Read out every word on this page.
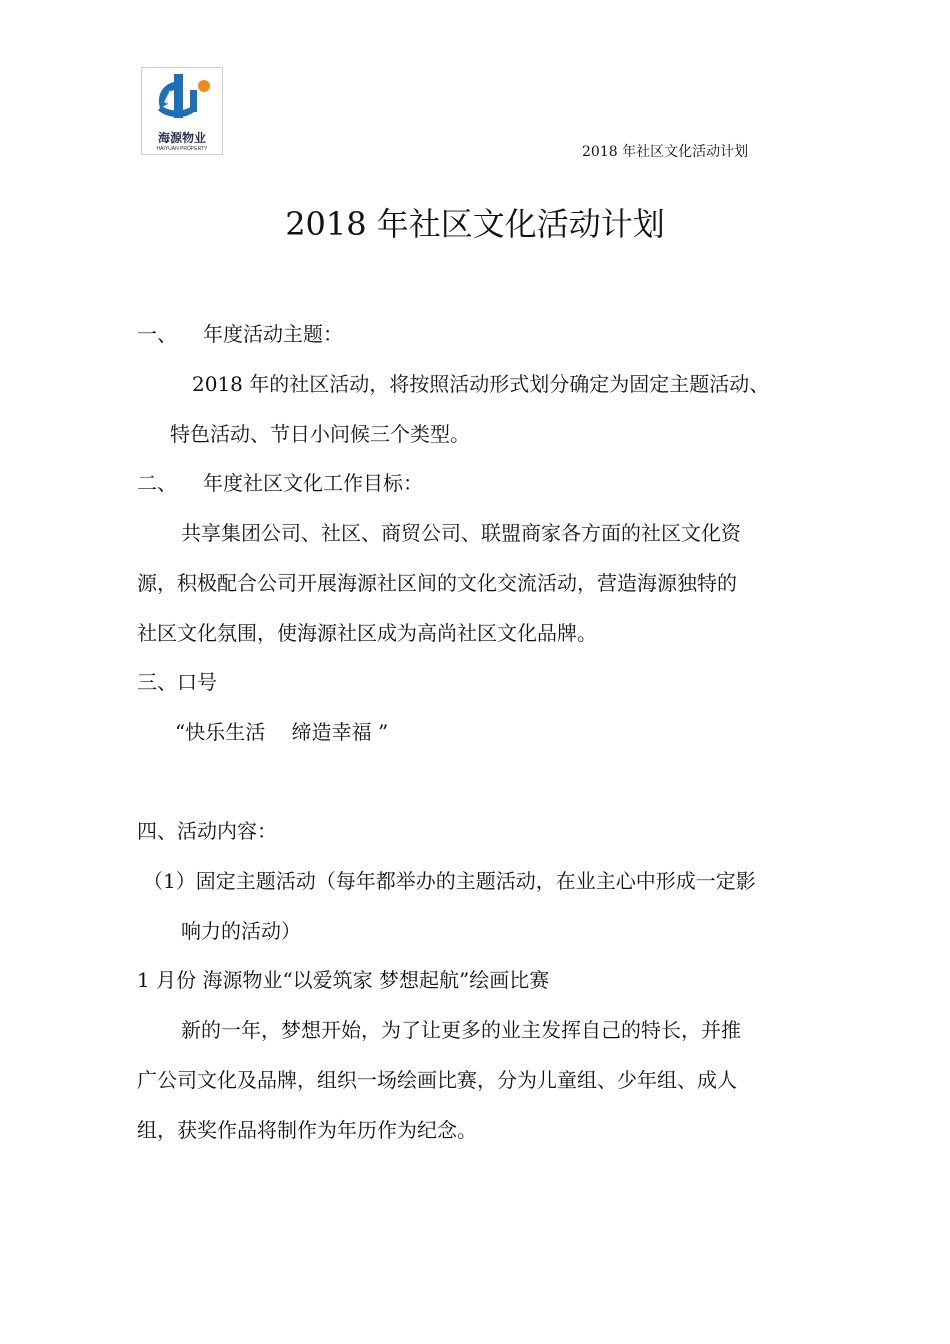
海源物业
HAIYUAN PROPERTY	2018 年社区文化活动计划
2018 年社区文化活动计划
一、 年度活动主题：
2018 年的社区活动，将按照活动形式划分确定为固定主题活动、
特色活动、节日小问候三个类型。
二、 年度社区文化工作目标：
共享集团公司、社区、商贸公司、联盟商家各方面的社区文化资
源，积极配合公司开展海源社区间的文化交流活动，营造海源独特的
社区文化氛围，使海源社区成为高尚社区文化品牌。
三、口号
“快乐生活　 缔造幸福 ”
四、活动内容：
（1）固定主题活动（每年都举办的主题活动，在业主心中形成一定影
响力的活动）
1 月份 海源物业“以爱筑家 梦想起航”绘画比赛
新的一年，梦想开始，为了让更多的业主发挥自己的特长，并推
广公司文化及品牌，组织一场绘画比赛，分为儿童组、少年组、成人
组，获奖作品将制作为年历作为纪念。
